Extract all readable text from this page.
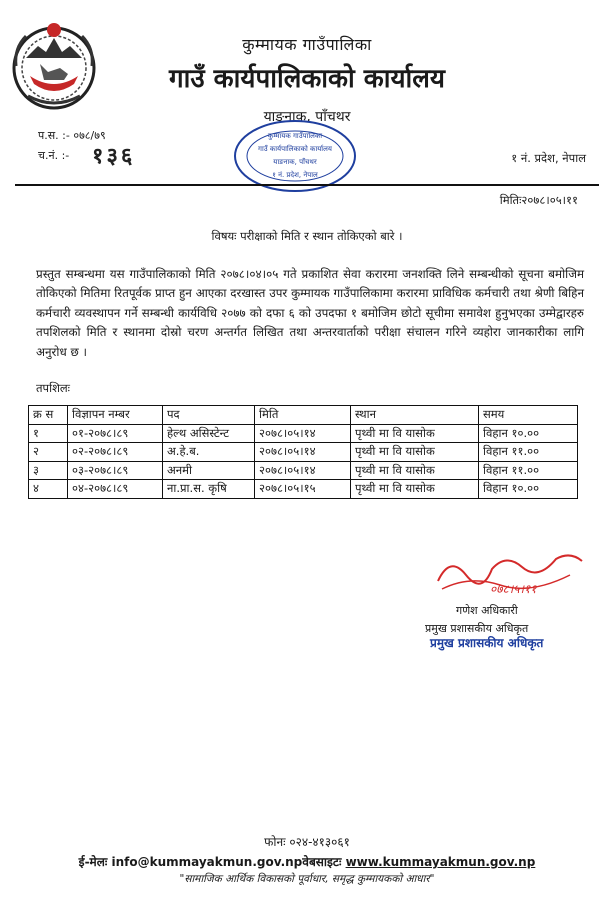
कुम्मायक गाउँपालिका
गाउँ कार्यपालिकाको कार्यालय
याङनाक, पाँचथर
प.स. :- ०७८/७९
च.नं. :- १३६
कुम्मायक गाउँपालिका
गाउँ कार्यपालिकाको कार्यालय
याङनाक, पाँचथर
१ नं. प्रदेश, नेपाल
१ नं. प्रदेश, नेपाल
मितिः२०७८।०५।११
विषयः परीक्षाको मिति र स्थान तोकिएको बारे ।
प्रस्तुत सम्बन्धमा यस गाउँपालिकाको मिति २०७८।०४।०५ गते प्रकाशित सेवा करारमा जनशक्ति लिने सम्बन्धीको सूचना बमोजिम तोकिएको मितिमा रितपूर्वक प्राप्त हुन आएका दरखास्त उपर कुम्मायक गाउँपालिकामा करारमा प्राविधिक कर्मचारी तथा श्रेणी बिहिन कर्मचारी व्यवस्थापन गर्ने सम्बन्धी कार्यविधि २०७७ को दफा ६ को उपदफा १ बमोजिम छोटो सूचीमा समावेश हुनुभएका उम्मेद्वारहरु तपशिलको मिति र स्थानमा दोस्रो चरण अन्तर्गत लिखित तथा अन्तरवार्ताको परीक्षा संचालन गरिने व्यहोरा जानकारीका लागि अनुरोध छ ।
तपशिलः
क्र स	विज्ञापन नम्बर	पद	मिति	स्थान	समय
१	०१-२०७८।८९	हेल्थ असिस्टेन्ट	२०७८।०५।१४	पृथ्वी मा वि यासोक	विहान १०.००
२	०२-२०७८।८९	अ.हे.ब.	२०७८।०५।१४	पृथ्वी मा वि यासोक	विहान ११.००
३	०३-२०७८।८९	अनमी	२०७८।०५।१४	पृथ्वी मा वि यासोक	विहान ११.००
४	०४-२०७८।८९	ना.प्रा.स. कृषि	२०७८।०५।१५	पृथ्वी मा वि यासोक	विहान १०.००
०७८।५।११
गणेश अधिकारी
प्रमुख प्रशासकीय अधिकृत
प्रमुख प्रशासकीय अधिकृत
फोनः ०२४-४१३०६१
ई-मेलः info@kummayakmun.gov.npवेबसाइटः www.kummayakmun.gov.np
"सामाजिक आर्थिक विकासको पूर्वाधार, समृद्ध कुम्मायकको आधार"
